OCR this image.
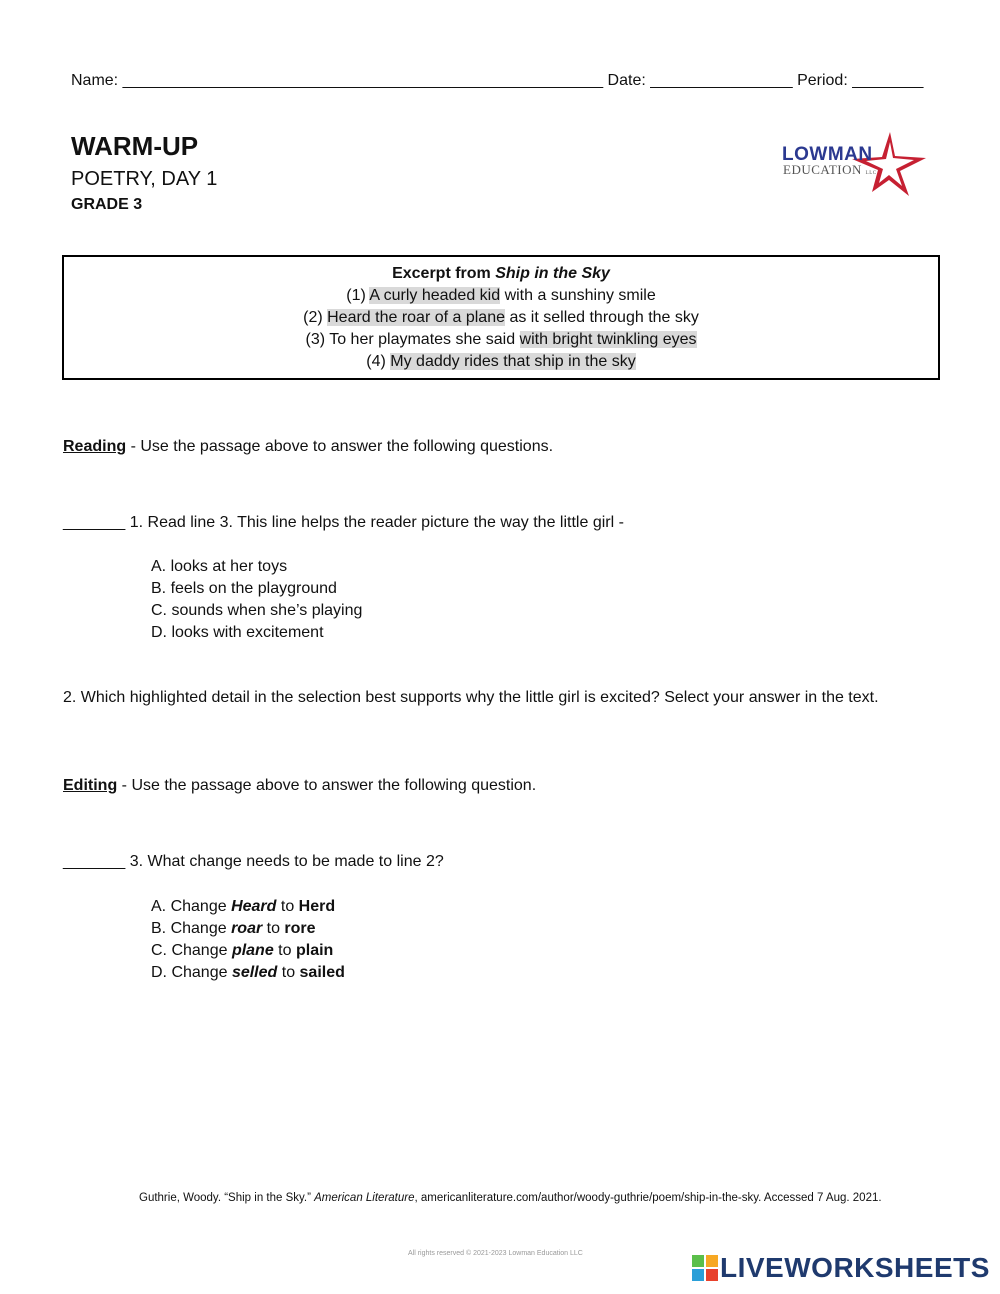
Name: ______________________________________________________ Date: ________________ Period: ________
WARM-UP
POETRY, DAY 1
GRADE 3
LOWMAN
EDUCATION LLC
Excerpt from Ship in the Sky
(1) A curly headed kid with a sunshiny smile
(2) Heard the roar of a plane as it selled through the sky
(3) To her playmates she said with bright twinkling eyes
(4) My daddy rides that ship in the sky
Reading - Use the passage above to answer the following questions.
_______ 1. Read line 3. This line helps the reader picture the way the little girl -
A. looks at her toys
B. feels on the playground
C. sounds when she’s playing
D. looks with excitement
2. Which highlighted detail in the selection best supports why the little girl is excited? Select your answer in the text.
Editing - Use the passage above to answer the following question.
_______ 3. What change needs to be made to line 2?
A. Change Heard to Herd
B. Change roar to rore
C. Change plane to plain
D. Change selled to sailed
Guthrie, Woody. “Ship in the Sky.” American Literature, americanliterature.com/author/woody-guthrie/poem/ship-in-the-sky. Accessed 7 Aug. 2021.
All rights reserved © 2021-2023 Lowman Education LLC	LIVEWORKSHEETS
